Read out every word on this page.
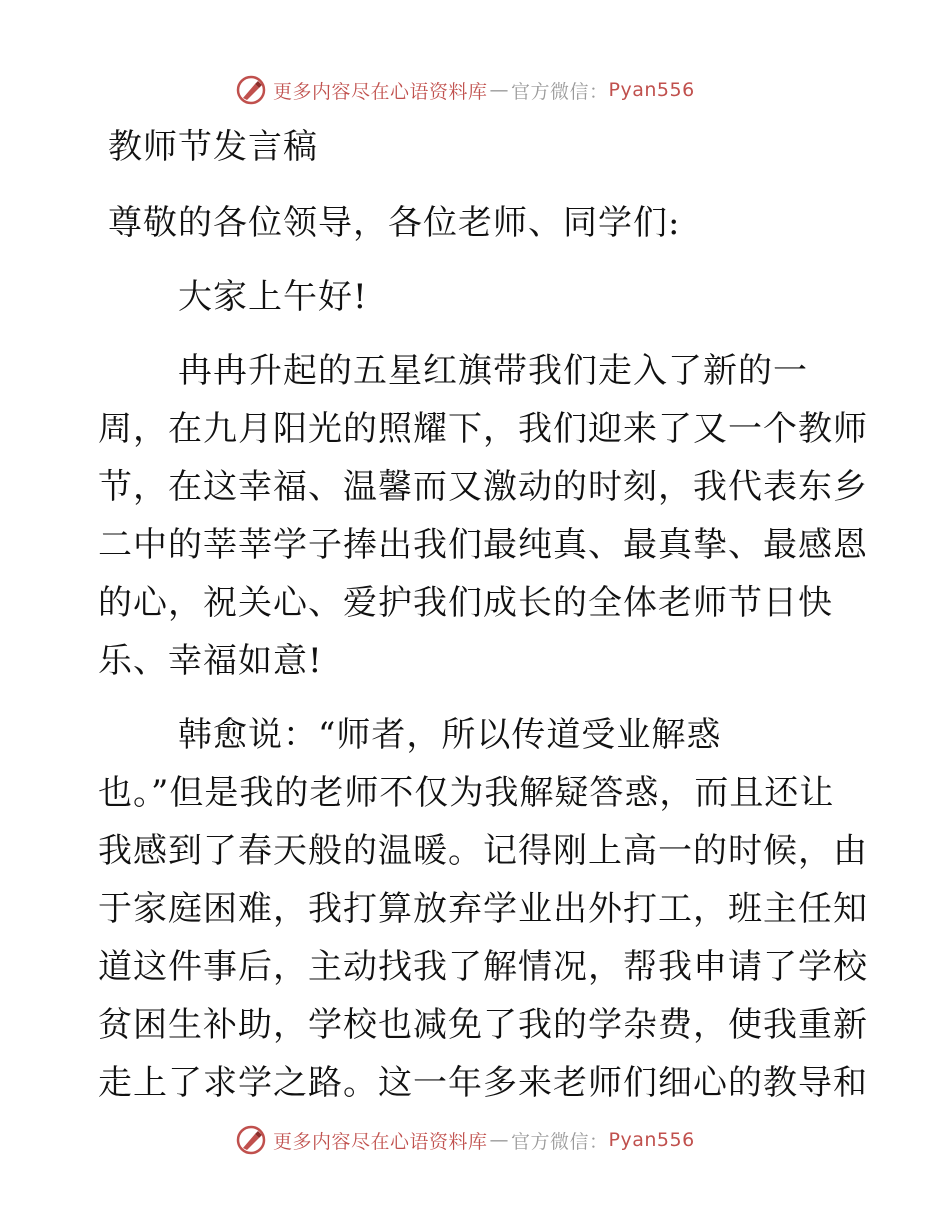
更多内容尽在心语资料库 — 官方微信： Pyan556
教师节发言稿
尊敬的各位领导，各位老师、同学们:
大家上午好!
冉冉升起的五星红旗带我们走入了新的一
周，在九月阳光的照耀下，我们迎来了又一个教师
节，在这幸福、温馨而又激动的时刻，我代表东乡
二中的莘莘学子捧出我们最纯真、最真挚、最感恩
的心，祝关心、爱护我们成长的全体老师节日快
乐、幸福如意!
韩愈说：“师者，所以传道受业解惑
也。”但是我的老师不仅为我解疑答惑，而且还让
我感到了春天般的温暖。记得刚上高一的时候，由
于家庭困难，我打算放弃学业出外打工，班主任知
道这件事后，主动找我了解情况，帮我申请了学校
贫困生补助，学校也减免了我的学杂费，使我重新
走上了求学之路。这一年多来老师们细心的教导和
更多内容尽在心语资料库 — 官方微信： Pyan556
